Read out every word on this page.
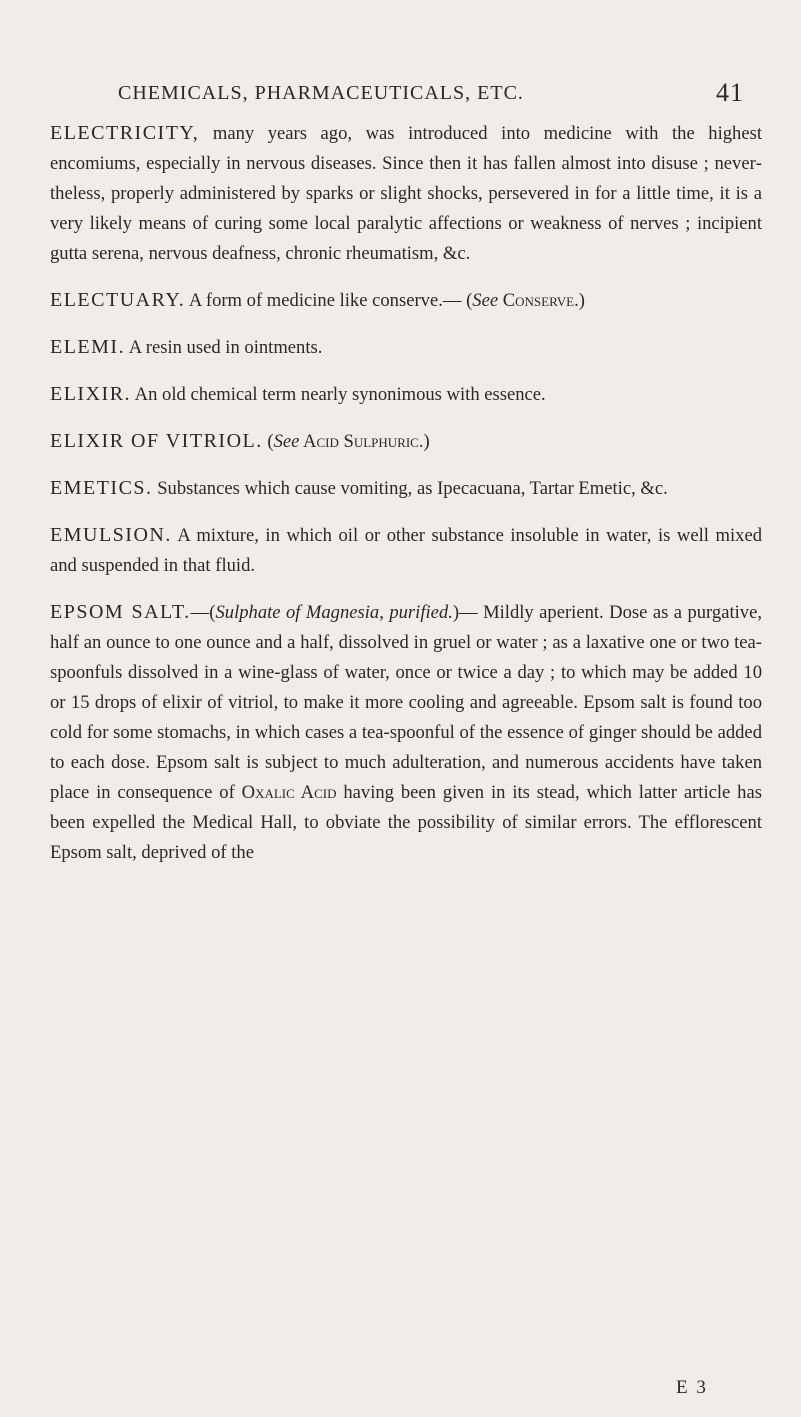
CHEMICALS, PHARMACEUTICALS, ETC.	41

ELECTRICITY, many years ago, was introduced into medicine with the highest encomiums, especially in nervous diseases. Since then it has fallen almost into disuse ; nevertheless, properly administered by sparks or slight shocks, persevered in for a little time, it is a very likely means of curing some local paralytic affections or weakness of nerves ; incipient gutta serena, nervous deafness, chronic rheumatism, &c.

ELECTUARY. A form of medicine like conserve.— (See Conserve.)

ELEMI. A resin used in ointments.

ELIXIR. An old chemical term nearly synonimous with essence.

ELIXIR OF VITRIOL. (See Acid Sulphuric.)

EMETICS. Substances which cause vomiting, as Ipecacuana, Tartar Emetic, &c.

EMULSION. A mixture, in which oil or other substance insoluble in water, is well mixed and suspended in that fluid.

EPSOM SALT.—(Sulphate of Magnesia, purified.)— Mildly aperient. Dose as a purgative, half an ounce to one ounce and a half, dissolved in gruel or water ; as a laxative one or two tea-spoonfuls dissolved in a wine-glass of water, once or twice a day ; to which may be added 10 or 15 drops of elixir of vitriol, to make it more cooling and agreeable. Epsom salt is found too cold for some stomachs, in which cases a tea-spoonful of the essence of ginger should be added to each dose. Epsom salt is subject to much adulteration, and numerous accidents have taken place in consequence of Oxalic Acid having been given in its stead, which latter article has been expelled the Medical Hall, to obviate the possibility of similar errors. The efflorescent Epsom salt, deprived of the

E 3
